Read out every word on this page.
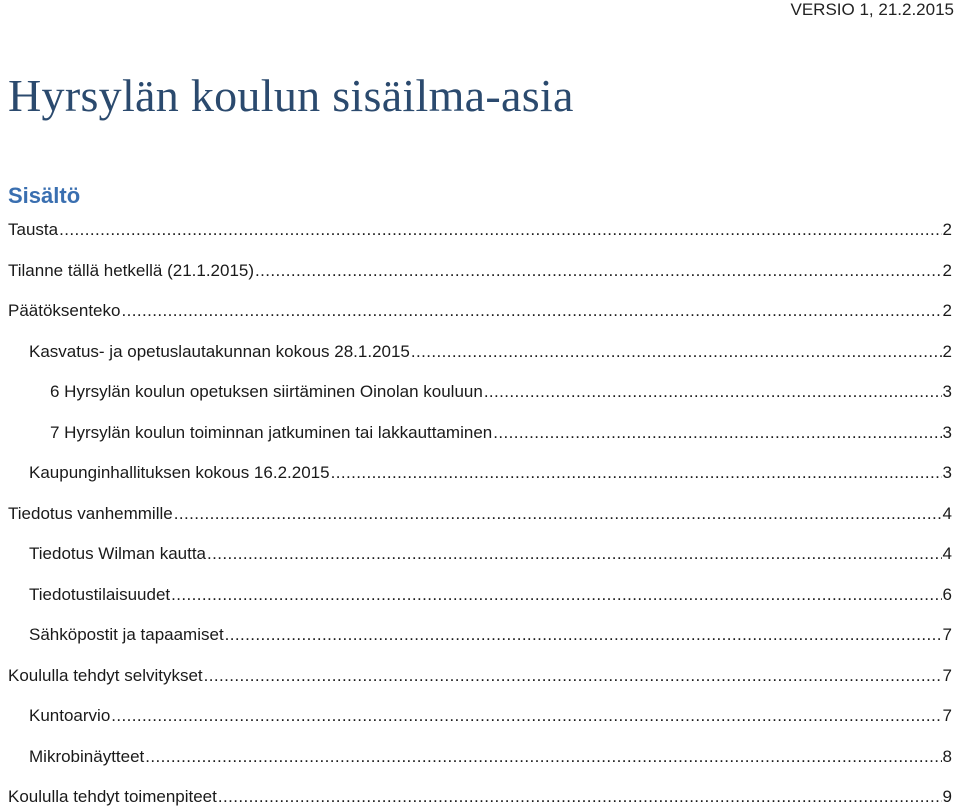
VERSIO 1, 21.2.2015
Hyrsylän koulun sisäilma-asia
Sisältö
Tausta .....	2
Tilanne tällä hetkellä (21.1.2015) .....	2
Päätöksenteko .....	2
Kasvatus- ja opetuslautakunnan kokous 28.1.2015 .....	2
6 Hyrsylän koulun opetuksen siirtäminen Oinolan kouluun .....	3
7 Hyrsylän koulun toiminnan jatkuminen tai lakkauttaminen .....	3
Kaupunginhallituksen kokous 16.2.2015 .....	3
Tiedotus vanhemmille .....	4
Tiedotus Wilman kautta .....	4
Tiedotustilaisuudet .....	6
Sähköpostit ja tapaamiset .....	7
Koululla tehdyt selvitykset .....	7
Kuntoarvio .....	7
Mikrobinäytteet .....	8
Koululla tehdyt toimenpiteet .....	9
